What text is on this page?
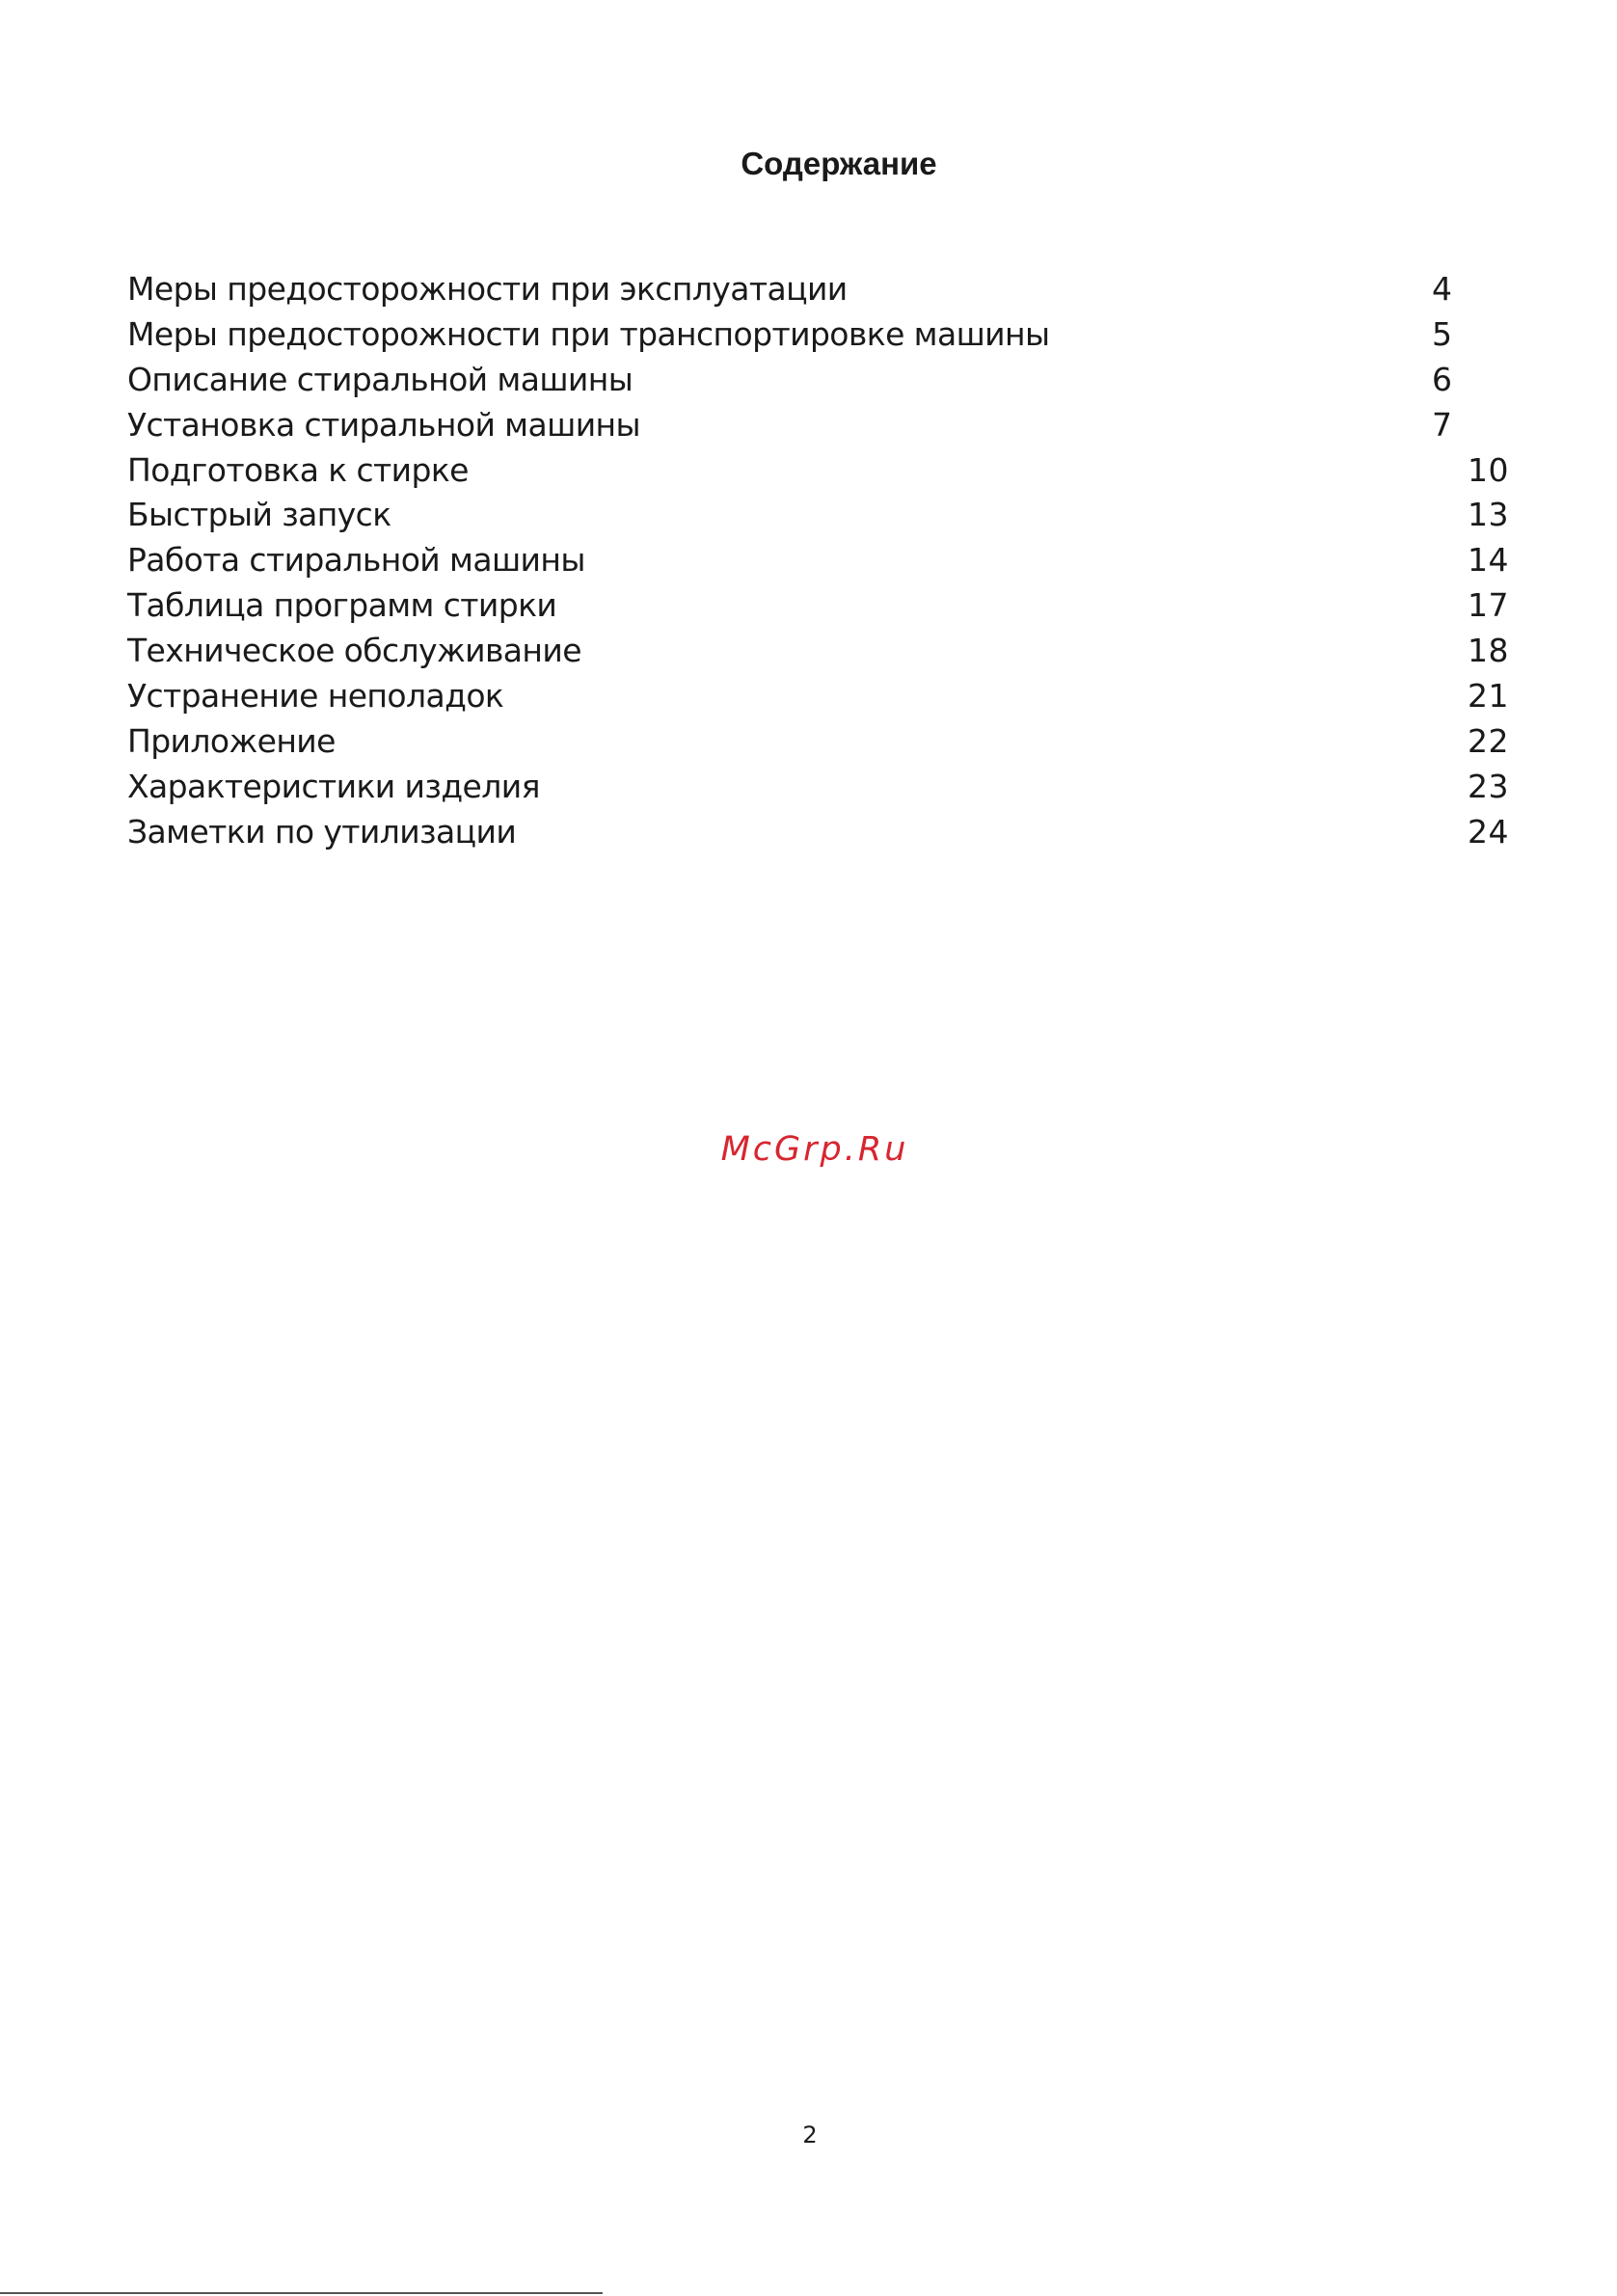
Содержание
Меры предосторожности при эксплуатации	4
Меры предосторожности при транспортировке машины	5
Описание стиральной машины	6
Установка стиральной машины	7
Подготовка к стирке	10
Быстрый запуск	13
Работа стиральной машины	14
Таблица программ стирки	17
Техническое обслуживание	18
Устранение неполадок	21
Приложение	22
Характеристики изделия	23
Заметки по утилизации	24
McGrp.Ru
2
